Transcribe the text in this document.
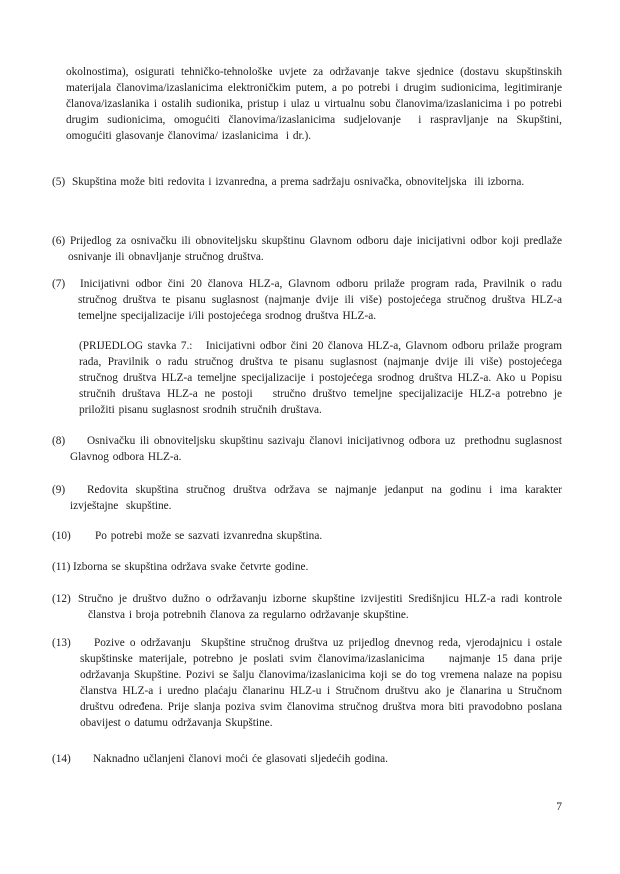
okolnostima), osigurati tehničko-tehnološke uvjete za održavanje takve sjednice (dostavu skupštinskih materijala članovima/izaslanicima elektroničkim putem, a po potrebi i drugim sudionicima, legitimiranje članova/izaslanika i ostalih sudionika, pristup i ulaz u virtualnu sobu članovima/izaslanicima i po potrebi drugim sudionicima, omogućiti članovima/izaslanicima sudjelovanje  i raspravljanje na Skupštini, omogućiti glasovanje članovima/ izaslanicima  i dr.).
(5) Skupština može biti redovita i izvanredna, a prema sadržaju osnivačka, obnoviteljska  ili izborna.
(6) Prijedlog za osnivačku ili obnoviteljsku skupštinu Glavnom odboru daje inicijativni odbor koji predlaže osnivanje ili obnavljanje stručnog društva.
(7) Inicijativni odbor čini 20 članova HLZ-a, Glavnom odboru prilaže program rada, Pravilnik o radu stručnog društva te pisanu suglasnost (najmanje dvije ili više) postojećega stručnog društva HLZ-a temeljne specijalizacije i/ili postojećega srodnog društva HLZ-a.
(PRIJEDLOG stavka 7.:   Inicijativni odbor čini 20 članova HLZ-a, Glavnom odboru prilaže program rada, Pravilnik o radu stručnog društva te pisanu suglasnost (najmanje dvije ili više) postojećega stručnog društva HLZ-a temeljne specijalizacije i postojećega srodnog društva HLZ-a. Ako u Popisu stručnih društava HLZ-a ne postoji   stručno društvo temeljne specijalizacije HLZ-a potrebno je priložiti pisanu suglasnost srodnih stručnih društava.
(8) Osnivačku ili obnoviteljsku skupštinu sazivaju članovi inicijativnog odbora uz  prethodnu suglasnost Glavnog odbora HLZ-a.
(9) Redovita skupština stručnog društva održava se najmanje jedanput na godinu i ima karakter izvještajne  skupštine.
(10) Po potrebi može se sazvati izvanredna skupština.
(11) Izborna se skupština održava svake četvrte godine.
(12) Stručno je društvo dužno o održavanju izborne skupštine izvijestiti Središnjicu HLZ-a radi kontrole članstva i broja potrebnih članova za regularno održavanje skupštine.
(13) Pozive o održavanju  Skupštine stručnog društva uz prijedlog dnevnog reda, vjerodajnicu i ostale skupštinske materijale, potrebno je poslati svim članovima/izaslanicima    najmanje 15 dana prije održavanja Skupštine. Pozivi se šalju članovima/izaslanicima koji se do tog vremena nalaze na popisu članstva HLZ-a i uredno plaćaju članarinu HLZ-u i Stručnom društvu ako je članarina u Stručnom društvu određena. Prije slanja poziva svim članovima stručnog društva mora biti pravodobno poslana obavijest o datumu održavanja Skupštine.
(14) Naknadno učlanjeni članovi moći će glasovati sljedećih godina.
7
